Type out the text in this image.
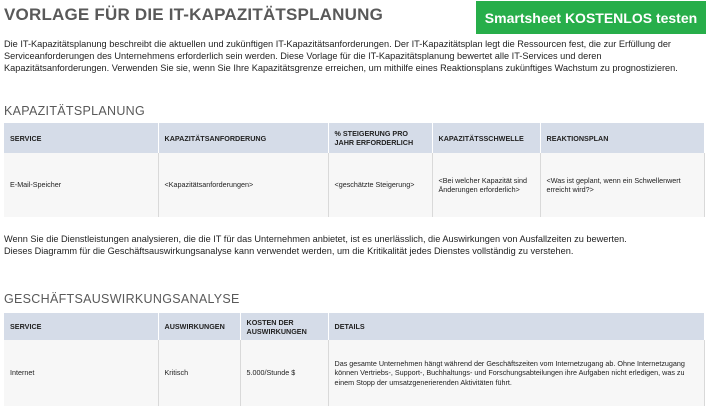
VORLAGE FÜR DIE IT-KAPAZITÄTSPLANUNG	Smartsheet KOSTENLOS testen
Die IT-Kapazitätsplanung beschreibt die aktuellen und zukünftigen IT-Kapazitätsanforderungen. Der IT-Kapazitätsplan legt die Ressourcen fest, die zur Erfüllung der Serviceanforderungen des Unternehmens erforderlich sein werden. Diese Vorlage für die IT-Kapazitätsplanung bewertet alle IT-Services und deren Kapazitätsanforderungen. Verwenden Sie sie, wenn Sie Ihre Kapazitätsgrenze erreichen, um mithilfe eines Reaktionsplans zukünftiges Wachstum zu prognostizieren.
KAPAZITÄTSPLANUNG
SERVICE	KAPAZITÄTSANFORDERUNG	% STEIGERUNG PRO JAHR ERFORDERLICH	KAPAZITÄTSSCHWELLE	REAKTIONSPLAN
E-Mail-Speicher	<Kapazitätsanforderungen>	<geschätzte Steigerung>	<Bei welcher Kapazität sind Änderungen erforderlich>	<Was ist geplant, wenn ein Schwellenwert erreicht wird?>
Wenn Sie die Dienstleistungen analysieren, die die IT für das Unternehmen anbietet, ist es unerlässlich, die Auswirkungen von Ausfallzeiten zu bewerten.
Dieses Diagramm für die Geschäftsauswirkungsanalyse kann verwendet werden, um die Kritikalität jedes Dienstes vollständig zu verstehen.
GESCHÄFTSAUSWIRKUNGSANALYSE
SERVICE	AUSWIRKUNGEN	KOSTEN DER AUSWIRKUNGEN	DETAILS
Internet	Kritisch	5.000/Stunde $	Das gesamte Unternehmen hängt während der Geschäftszeiten vom Internetzugang ab. Ohne Internetzugang können Vertriebs-, Support-, Buchhaltungs- und Forschungsabteilungen ihre Aufgaben nicht erledigen, was zu einem Stopp der umsatzgenerierenden Aktivitäten führt.
